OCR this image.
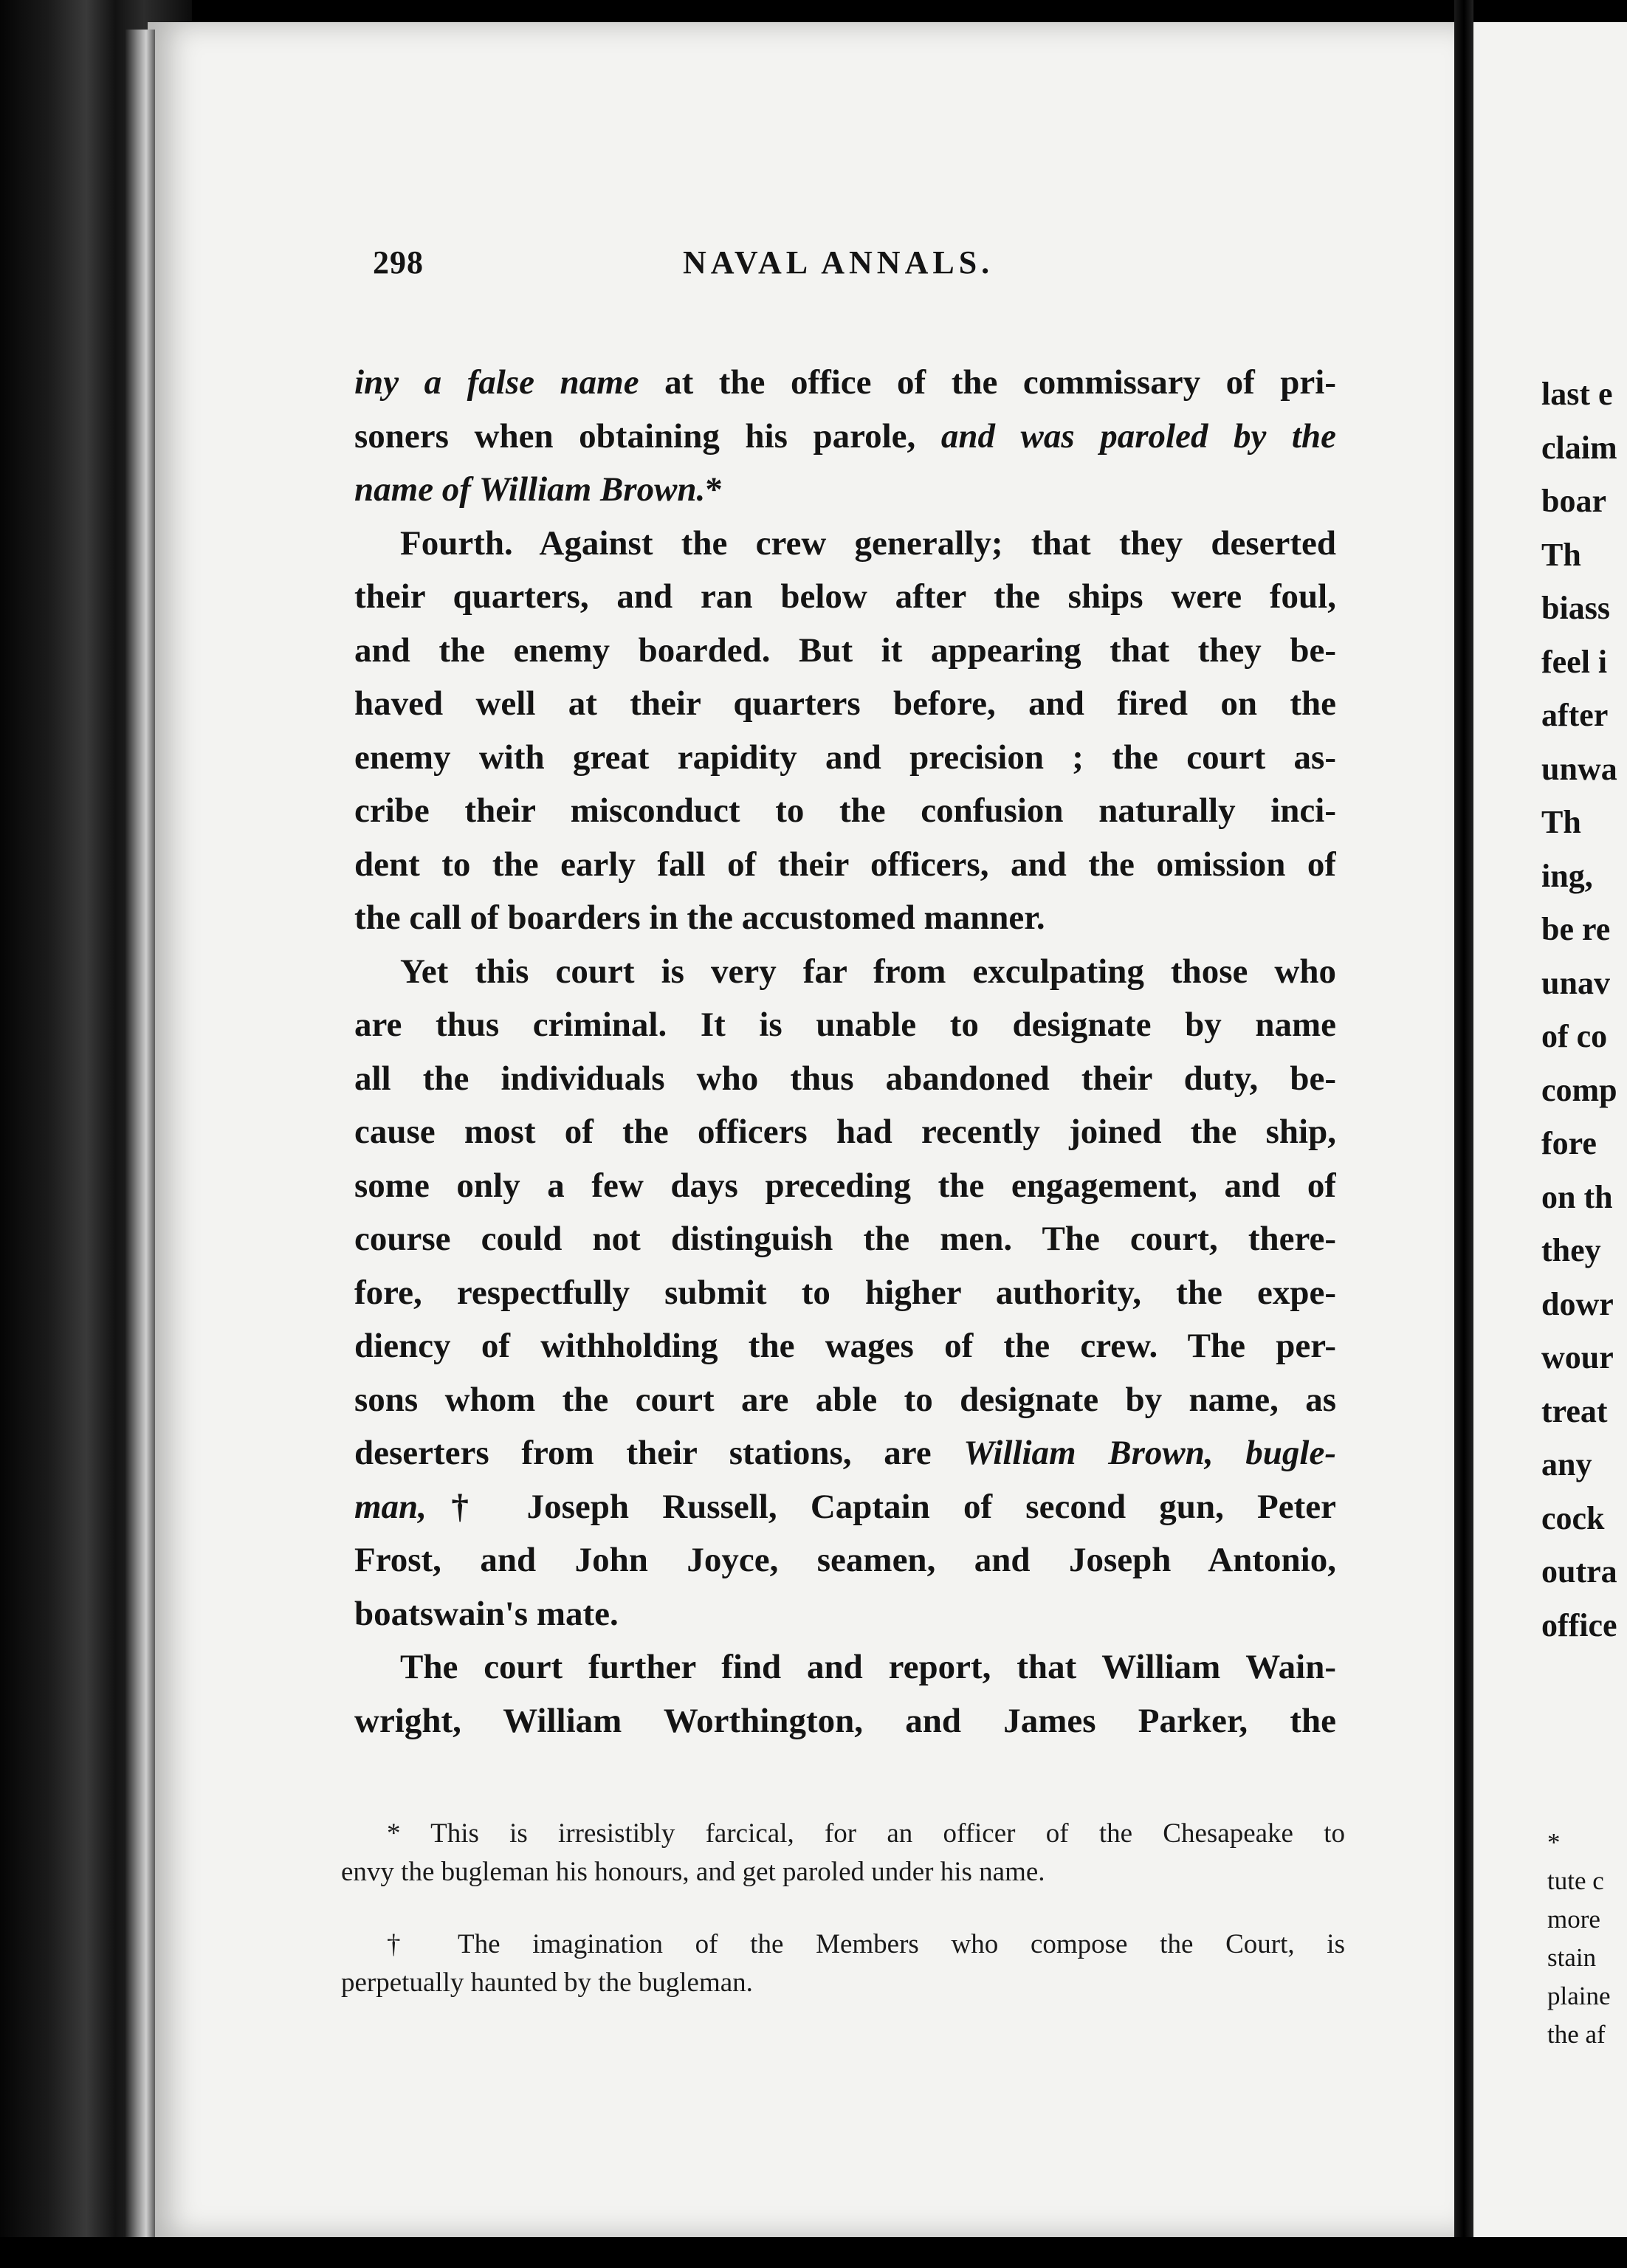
298	NAVAL ANNALS.
iny a false name at the office of the commissary of pri-
soners when obtaining his parole, and was paroled by the
name of William Brown.*
Fourth. Against the crew generally; that they deserted
their quarters, and ran below after the ships were foul,
and the enemy boarded. But it appearing that they be-
haved well at their quarters before, and fired on the
enemy with great rapidity and precision ; the court as-
cribe their misconduct to the confusion naturally inci-
dent to the early fall of their officers, and the omission of
the call of boarders in the accustomed manner.
Yet this court is very far from exculpating those who
are thus criminal. It is unable to designate by name
all the individuals who thus abandoned their duty, be-
cause most of the officers had recently joined the ship,
some only a few days preceding the engagement, and of
course could not distinguish the men. The court, there-
fore, respectfully submit to higher authority, the expe-
diency of withholding the wages of the crew. The per-
sons whom the court are able to designate by name, as
deserters from their stations, are William Brown, bugle-
man,† Joseph Russell, Captain of second gun, Peter
Frost, and John Joyce, seamen, and Joseph Antonio,
boatswain's mate.
The court further find and report, that William Wain-
wright, William Worthington, and James Parker, the
* This is irresistibly farcical, for an officer of the Chesapeake to
envy the bugleman his honours, and get paroled under his name.
† The imagination of the Members who compose the Court, is
perpetually haunted by the bugleman.
last e
claim
boar
Th
biass
feel i
after
unwa
Th
ing,
be re
unav
of co
comp
fore
on th
they
dowr
wour
treat
any
cock
outra
office
*
tute c
more
stain
plaine
the af
